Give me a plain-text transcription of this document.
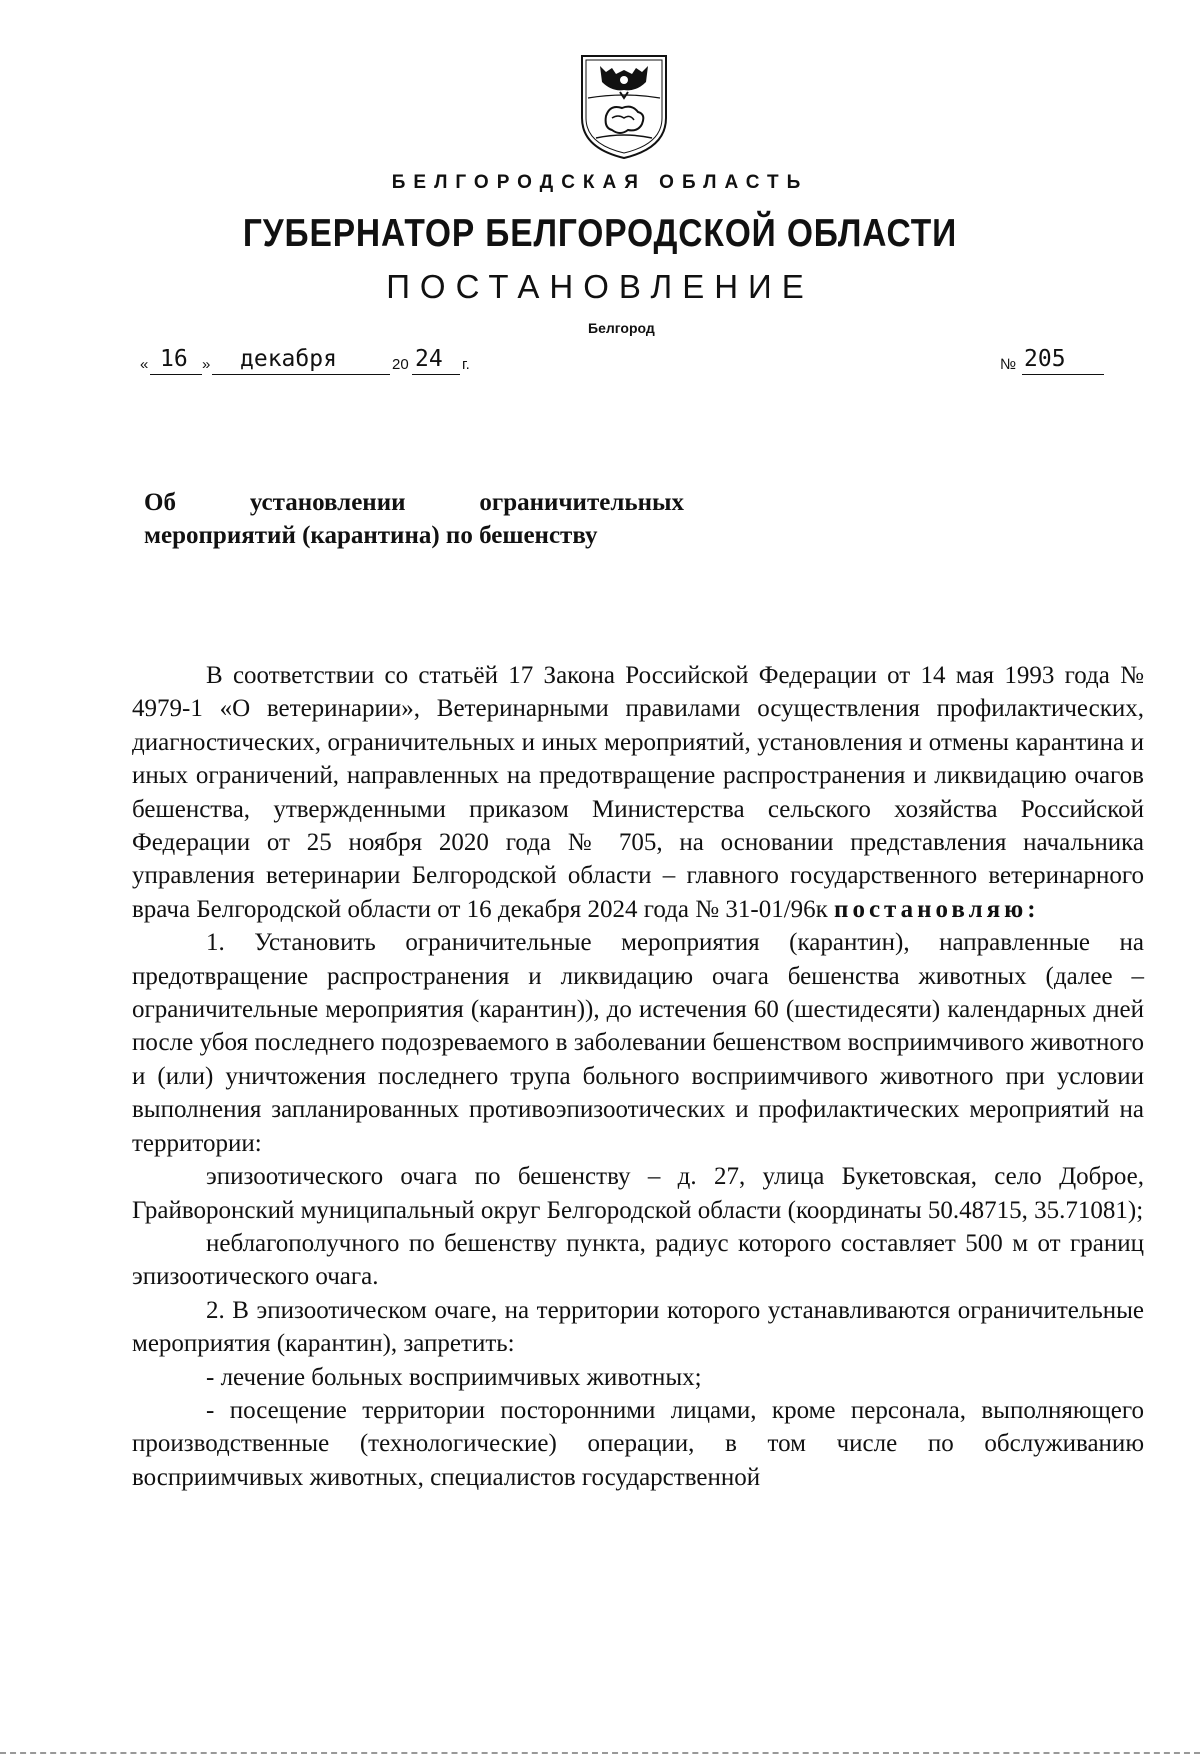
БЕЛГОРОДСКАЯ ОБЛАСТЬ
ГУБЕРНАТОР БЕЛГОРОДСКОЙ ОБЛАСТИ
ПОСТАНОВЛЕНИЕ
Белгород
« 16 » декабря	20 24 г.	№ 205
Об	установлении	ограничительных
мероприятий (карантина) по бешенству

В соответствии со статьёй 17 Закона Российской Федерации от 14 мая 1993 года № 4979-1 «О ветеринарии», Ветеринарными правилами осуществления профилактических, диагностических, ограничительных и иных мероприятий, установления и отмены карантина и иных ограничений, направленных на предотвращение распространения и ликвидацию очагов бешенства, утвержденными приказом Министерства сельского хозяйства Российской Федерации от 25 ноября 2020 года № 705, на основании представления начальника управления ветеринарии Белгородской области – главного государственного ветеринарного врача Белгородской области от 16 декабря 2024 года № 31-01/96к постановляю:

1. Установить ограничительные мероприятия (карантин), направленные на предотвращение распространения и ликвидацию очага бешенства животных (далее – ограничительные мероприятия (карантин)), до истечения 60 (шестидесяти) календарных дней после убоя последнего подозреваемого в заболевании бешенством восприимчивого животного и (или) уничтожения последнего трупа больного восприимчивого животного при условии выполнения запланированных противоэпизоотических и профилактических мероприятий на территории:

эпизоотического очага по бешенству – д. 27, улица Букетовская, село Доброе, Грайворонский муниципальный округ Белгородской области (координаты 50.48715, 35.71081);

неблагополучного по бешенству пункта, радиус которого составляет 500 м от границ эпизоотического очага.

2. В эпизоотическом очаге, на территории которого устанавливаются ограничительные мероприятия (карантин), запретить:

- лечение больных восприимчивых животных;

- посещение территории посторонними лицами, кроме персонала, выполняющего производственные (технологические) операции, в том числе по обслуживанию восприимчивых животных, специалистов государственной
